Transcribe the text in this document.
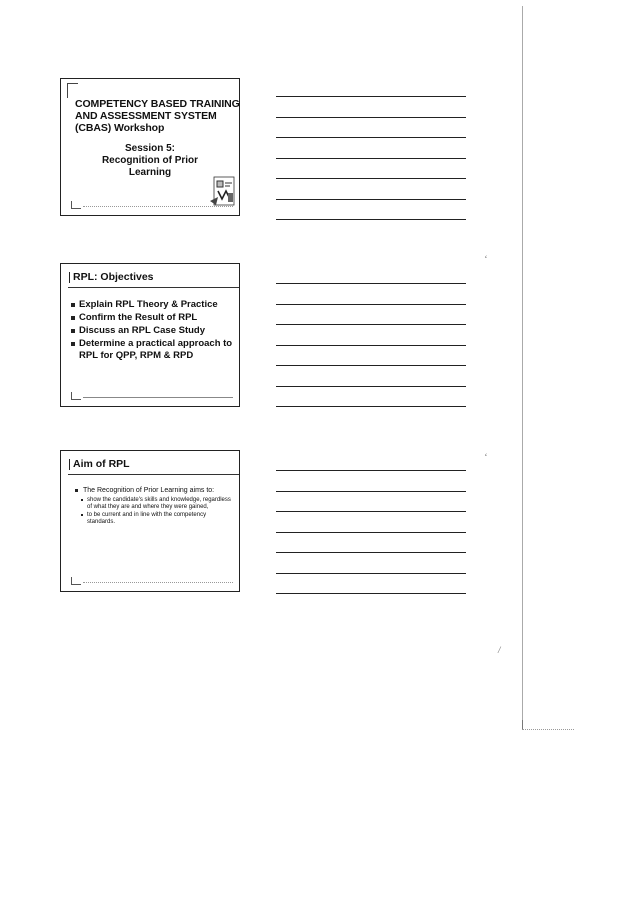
COMPETENCY BASED TRAINING AND ASSESSMENT SYSTEM (CBAS) Workshop
Session 5:
Recognition of Prior Learning
RPL: Objectives
Explain RPL Theory & Practice
Confirm the Result of RPL
Discuss an RPL Case Study
Determine a practical approach to RPL for QPP, RPM & RPD
Aim of RPL
The Recognition of Prior Learning aims to:
show the candidate's skills and knowledge, regardless of what they are and where they were gained,
to be current and in line with the competency standards.
‘
‘
/
